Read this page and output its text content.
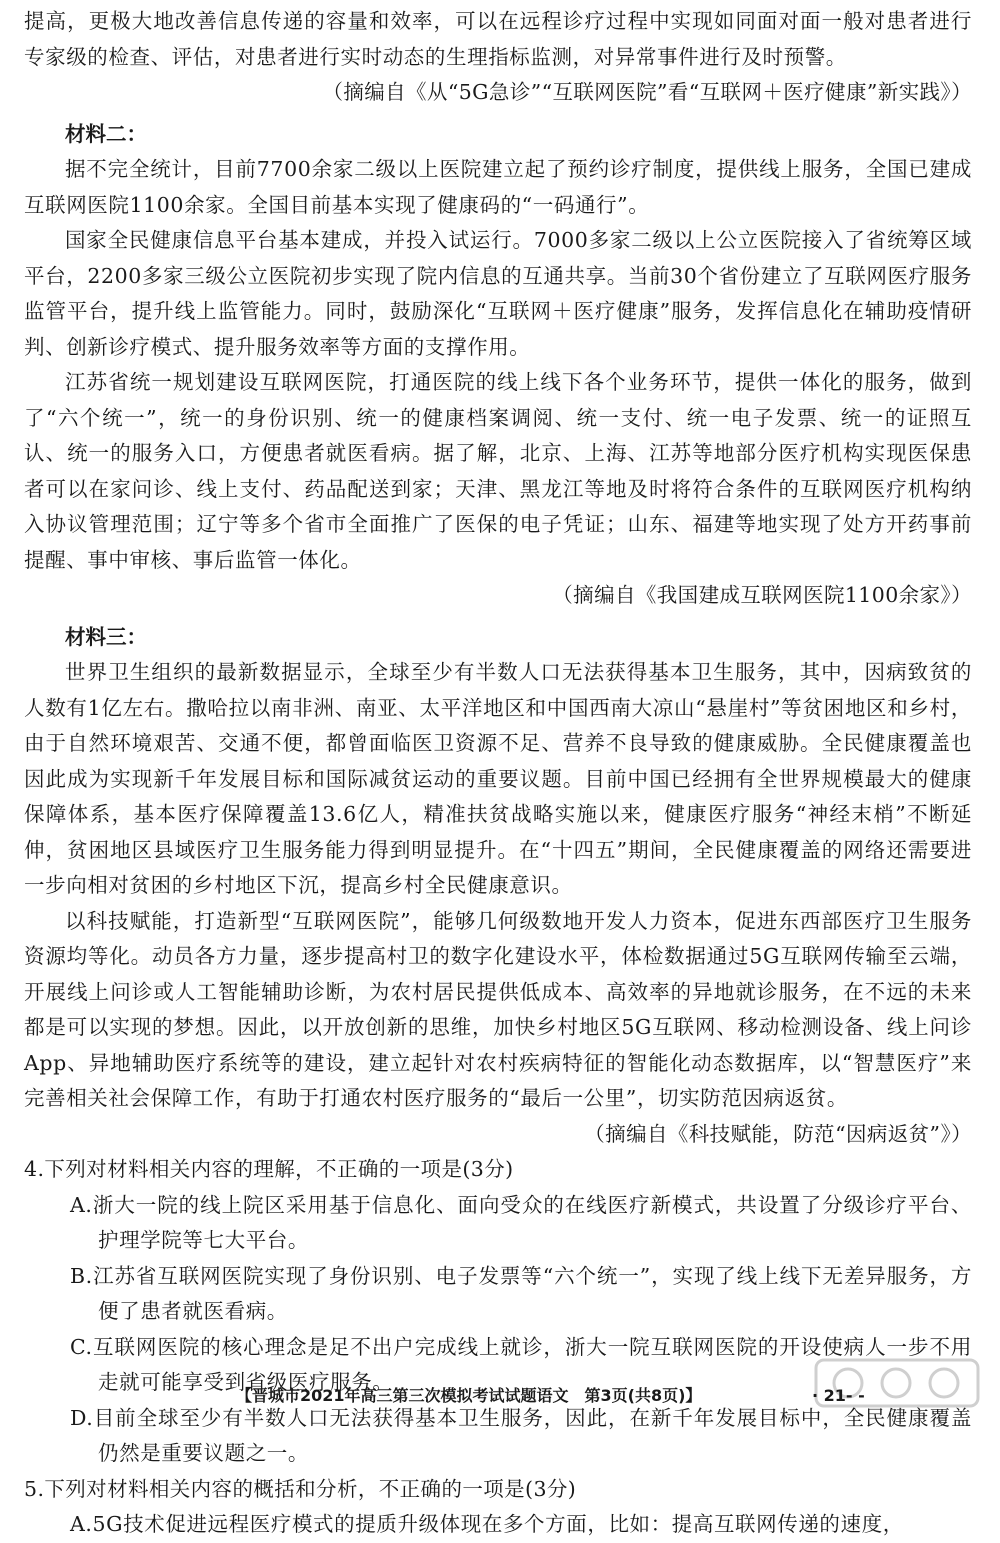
提高，更极大地改善信息传递的容量和效率，可以在远程诊疗过程中实现如同面对面一般对患者进行专家级的检查、评估，对患者进行实时动态的生理指标监测，对异常事件进行及时预警。

（摘编自《从“5G急诊”“互联网医院”看“互联网＋医疗健康”新实践》）

材料二：

据不完全统计，目前7700余家二级以上医院建立起了预约诊疗制度，提供线上服务，全国已建成互联网医院1100余家。全国目前基本实现了健康码的“一码通行”。

国家全民健康信息平台基本建成，并投入试运行。7000多家二级以上公立医院接入了省统筹区域平台，2200多家三级公立医院初步实现了院内信息的互通共享。当前30个省份建立了互联网医疗服务监管平台，提升线上监管能力。同时，鼓励深化“互联网＋医疗健康”服务，发挥信息化在辅助疫情研判、创新诊疗模式、提升服务效率等方面的支撑作用。

江苏省统一规划建设互联网医院，打通医院的线上线下各个业务环节，提供一体化的服务，做到了“六个统一”，统一的身份识别、统一的健康档案调阅、统一支付、统一电子发票、统一的证照互认、统一的服务入口，方便患者就医看病。据了解，北京、上海、江苏等地部分医疗机构实现医保患者可以在家问诊、线上支付、药品配送到家；天津、黑龙江等地及时将符合条件的互联网医疗机构纳入协议管理范围；辽宁等多个省市全面推广了医保的电子凭证；山东、福建等地实现了处方开药事前提醒、事中审核、事后监管一体化。

（摘编自《我国建成互联网医院1100余家》）

材料三：

世界卫生组织的最新数据显示，全球至少有半数人口无法获得基本卫生服务，其中，因病致贫的人数有1亿左右。撒哈拉以南非洲、南亚、太平洋地区和中国西南大凉山“悬崖村”等贫困地区和乡村，由于自然环境艰苦、交通不便，都曾面临医卫资源不足、营养不良导致的健康威胁。全民健康覆盖也因此成为实现新千年发展目标和国际减贫运动的重要议题。目前中国已经拥有全世界规模最大的健康保障体系，基本医疗保障覆盖13.6亿人，精准扶贫战略实施以来，健康医疗服务“神经末梢”不断延伸，贫困地区县域医疗卫生服务能力得到明显提升。在“十四五”期间，全民健康覆盖的网络还需要进一步向相对贫困的乡村地区下沉，提高乡村全民健康意识。

以科技赋能，打造新型“互联网医院”，能够几何级数地开发人力资本，促进东西部医疗卫生服务资源均等化。动员各方力量，逐步提高村卫的数字化建设水平，体检数据通过5G互联网传输至云端，开展线上问诊或人工智能辅助诊断，为农村居民提供低成本、高效率的异地就诊服务，在不远的未来都是可以实现的梦想。因此，以开放创新的思维，加快乡村地区5G互联网、移动检测设备、线上问诊App、异地辅助医疗系统等的建设，建立起针对农村疾病特征的智能化动态数据库，以“智慧医疗”来完善相关社会保障工作，有助于打通农村医疗服务的“最后一公里”，切实防范因病返贫。

（摘编自《科技赋能，防范“因病返贫”》）

4.下列对材料相关内容的理解，不正确的一项是(3分)

A.浙大一院的线上院区采用基于信息化、面向受众的在线医疗新模式，共设置了分级诊疗平台、护理学院等七大平台。

B.江苏省互联网医院实现了身份识别、电子发票等“六个统一”，实现了线上线下无差异服务，方便了患者就医看病。

C.互联网医院的核心理念是足不出户完成线上就诊，浙大一院互联网医院的开设使病人一步不用走就可能享受到省级医疗服务。

D.目前全球至少有半数人口无法获得基本卫生服务，因此，在新千年发展目标中，全民健康覆盖仍然是重要议题之一。

5.下列对材料相关内容的概括和分析，不正确的一项是(3分)

A.5G技术促进远程医疗模式的提质升级体现在多个方面，比如：提高互联网传递的速度，

【晋城市2021年高三第三次模拟考试试题语文　第3页(共8页)】	· 21- -
